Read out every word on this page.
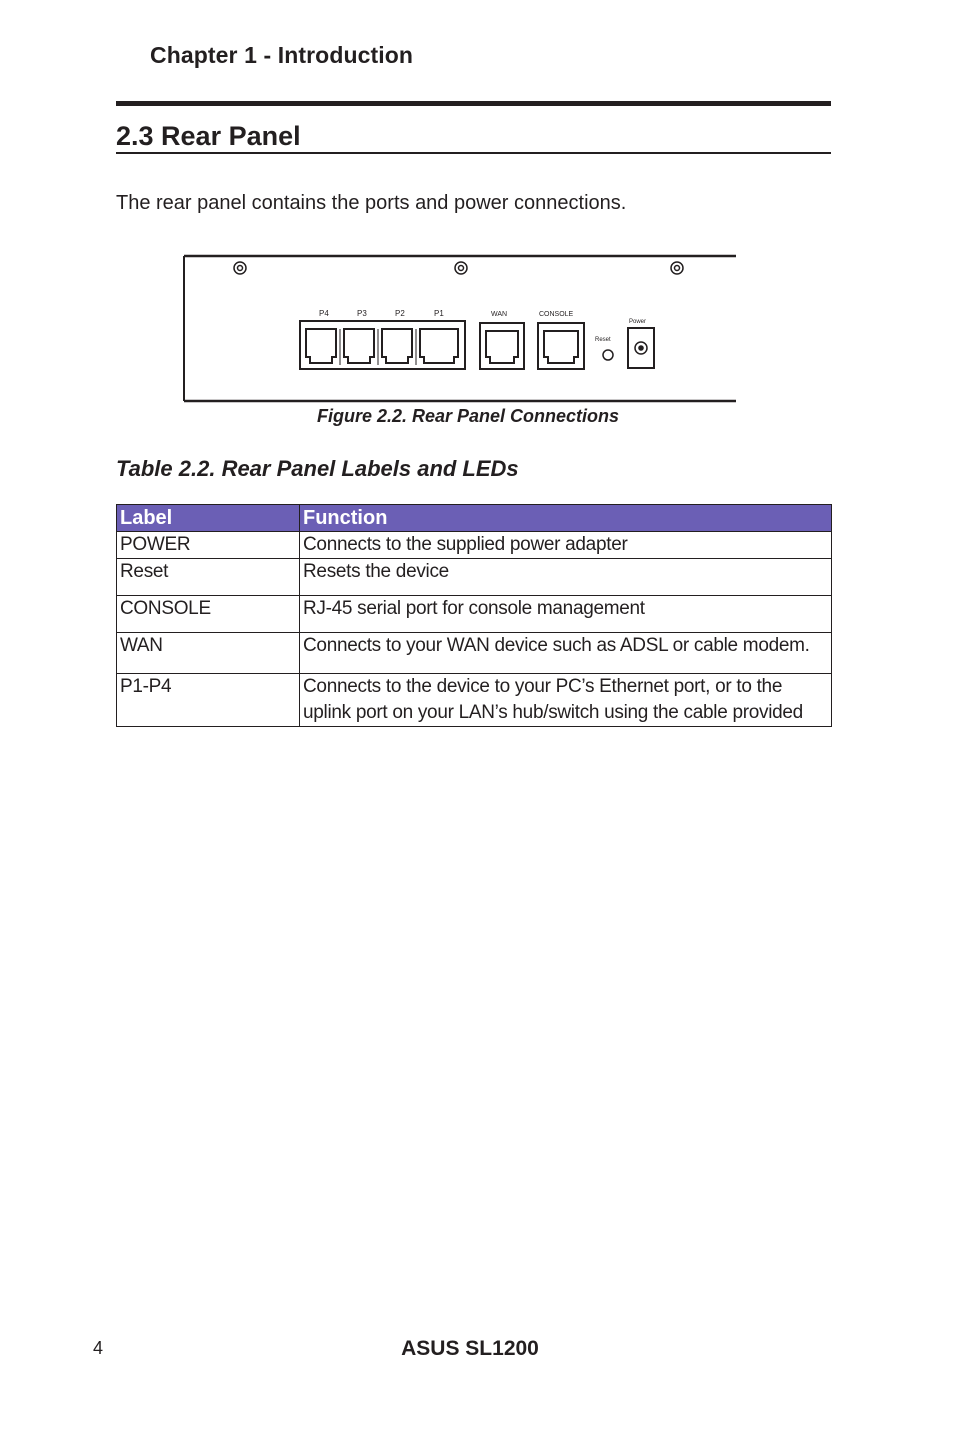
Chapter 1 - Introduction
2.3 Rear Panel
The rear panel contains the ports and power connections.
P4	P3	P2	P1	WAN	CONSOLE
Reset
Power
Figure 2.2. Rear Panel Connections
Table 2.2. Rear Panel Labels and LEDs
Label	Function
POWER	Connects to the supplied power adapter
Reset	Resets the device
CONSOLE	RJ-45 serial port for console management
WAN	Connects to your WAN device such as ADSL or cable modem.
P1-P4	Connects to the device to your PC’s Ethernet port, or to the uplink port on your LAN’s hub/switch using the cable provided
4	ASUS SL1200
